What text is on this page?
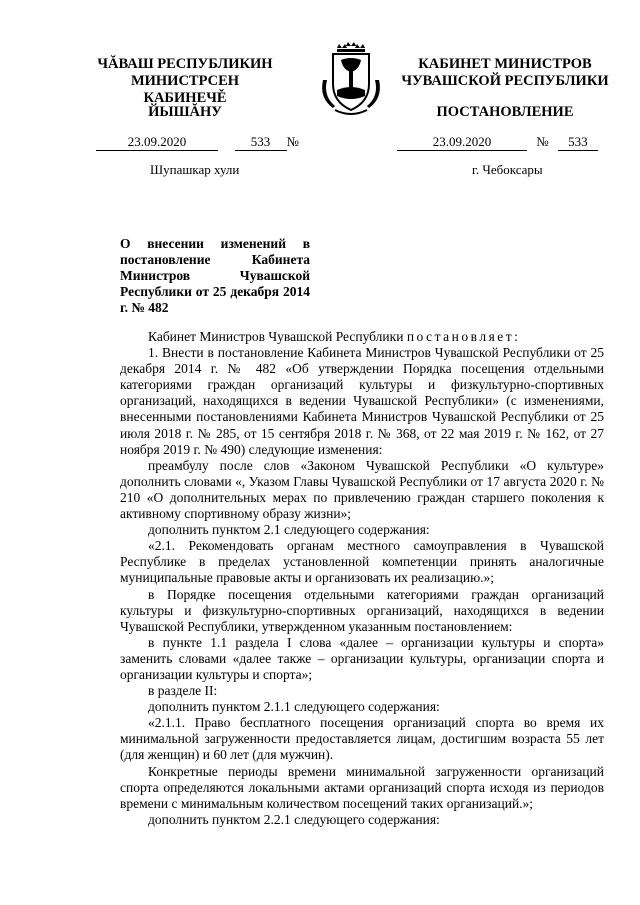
ЧĂВАШ РЕСПУБЛИКИН
МИНИСТРСЕН КАБИНЕЧĚ
ЙЫШĂНУ
КАБИНЕТ МИНИСТРОВ
ЧУВАШСКОЙ РЕСПУБЛИКИ
ПОСТАНОВЛЕНИЕ
23.09.2020	533 №	23.09.2020	№ 533
Шупашкар хули	г. Чебоксары
О внесении изменений в постановление Кабинета Министров Чувашской Республики от 25 декабря 2014 г. № 482

Кабинет Министров Чувашской Республики постановляет:

1. Внести в постановление Кабинета Министров Чувашской Республики от 25 декабря 2014 г. № 482 «Об утверждении Порядка посещения отдельными категориями граждан организаций культуры и физкультурно-спортивных организаций, находящихся в ведении Чувашской Республики» (с изменениями, внесенными постановлениями Кабинета Министров Чувашской Республики от 25 июля 2018 г. № 285, от 15 сентября 2018 г. № 368, от 22 мая 2019 г. № 162, от 27 ноября 2019 г. № 490) следующие изменения:

преамбулу после слов «Законом Чувашской Республики «О культуре» дополнить словами «, Указом Главы Чувашской Республики от 17 августа 2020 г. № 210 «О дополнительных мерах по привлечению граждан старшего поколения к активному спортивному образу жизни»;

дополнить пунктом 2.1 следующего содержания:

«2.1. Рекомендовать органам местного самоуправления в Чувашской Республике в пределах установленной компетенции принять аналогичные муниципальные правовые акты и организовать их реализацию.»;

в Порядке посещения отдельными категориями граждан организаций культуры и физкультурно-спортивных организаций, находящихся в ведении Чувашской Республики, утвержденном указанным постановлением:

в пункте 1.1 раздела I слова «далее – организации культуры и спорта» заменить словами «далее также – организации культуры, организации спорта и организации культуры и спорта»;

в разделе II:

дополнить пунктом 2.1.1 следующего содержания:

«2.1.1. Право бесплатного посещения организаций спорта во время их минимальной загруженности предоставляется лицам, достигшим возраста 55 лет (для женщин) и 60 лет (для мужчин).

Конкретные периоды времени минимальной загруженности организаций спорта определяются локальными актами организаций спорта исходя из периодов времени с минимальным количеством посещений таких организаций.»;

дополнить пунктом 2.2.1 следующего содержания:
